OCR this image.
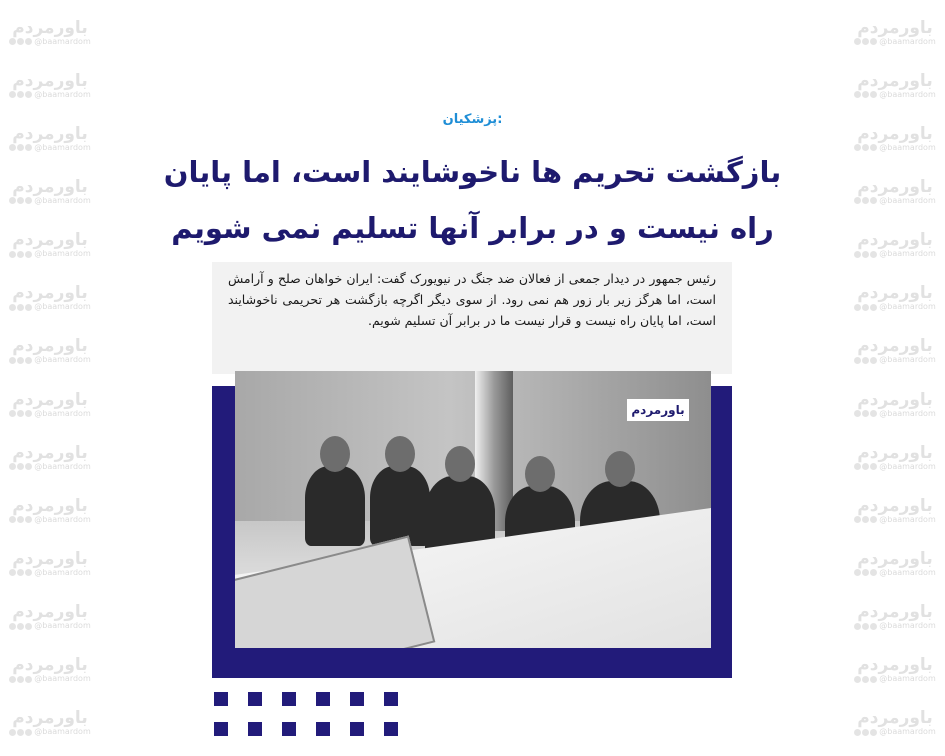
باورمردم
@baamardom
باورمردم
@baamardom
باورمردم
@baamardom
باورمردم
@baamardom
باورمردم
@baamardom
باورمردم
@baamardom
باورمردم
@baamardom
باورمردم
@baamardom
باورمردم
@baamardom
باورمردم
@baamardom
باورمردم
@baamardom
باورمردم
@baamardom
باورمردم
@baamardom
باورمردم
@baamardom
باورمردم
@baamardom
باورمردم
@baamardom
باورمردم
@baamardom
باورمردم
@baamardom
باورمردم
@baamardom
باورمردم
@baamardom
باورمردم
@baamardom
باورمردم
@baamardom
باورمردم
@baamardom
باورمردم
@baamardom
باورمردم
@baamardom
باورمردم
@baamardom
باورمردم
@baamardom
باورمردم
@baamardom
پزشکیان:
بازگشت تحریم ها ناخوشایند است، اما پایان راه نیست و در برابر آنها تسلیم نمی شویم
رئیس جمهور در دیدار جمعی از فعالان ضد جنگ در نیویورک گفت: ایران خواهان صلح و آرامش است، اما هرگز زیر بار زور هم نمی رود. از سوی دیگر اگرچه بازگشت هر تحریمی ناخوشایند است، اما پایان راه نیست و قرار نیست ما در برابر آن تسلیم شویم.
باورمردم
